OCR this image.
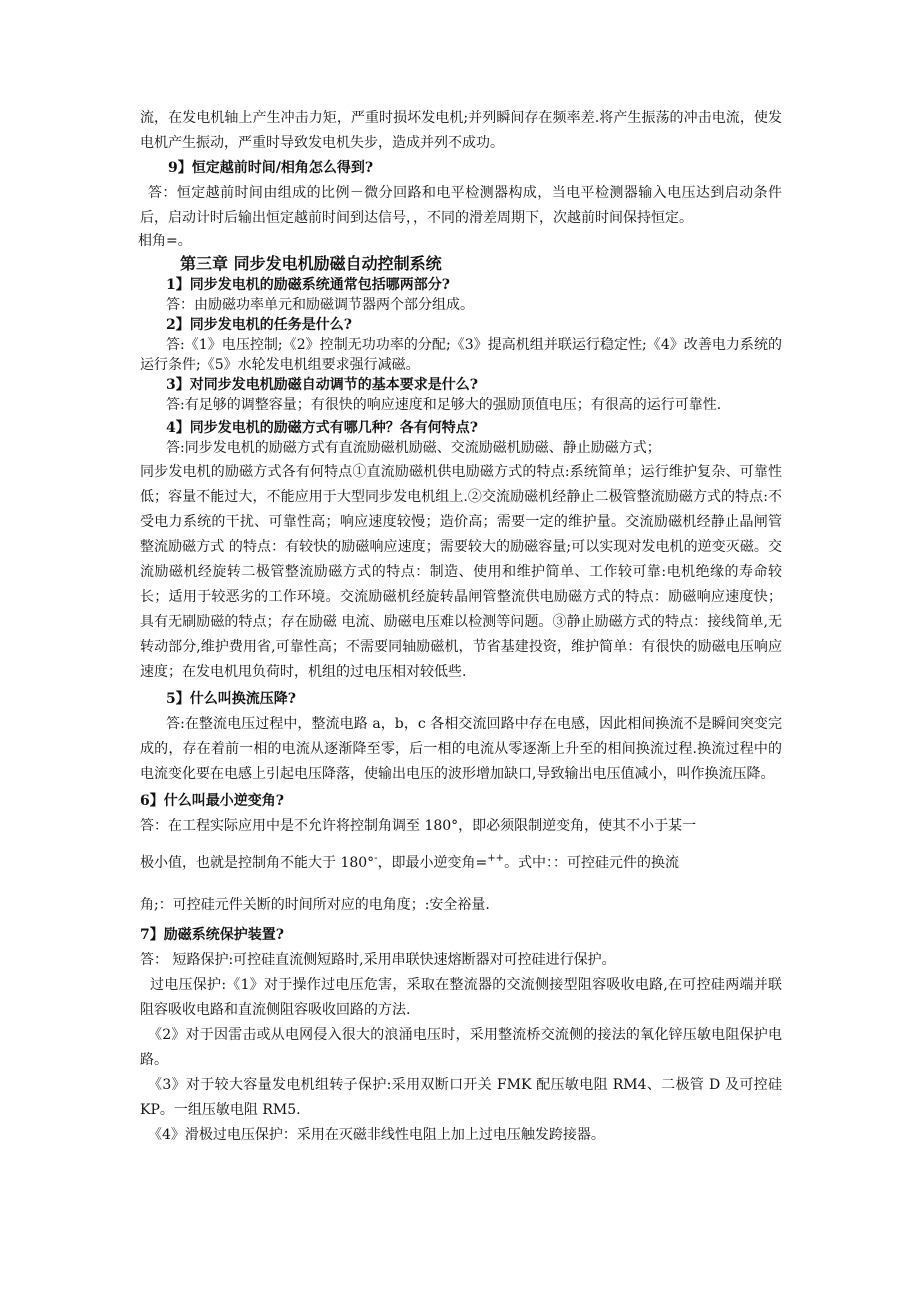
流，在发电机轴上产生冲击力矩，严重时损坏发电机;并列瞬间存在频率差.将产生振荡的冲击电流，使发电机产生振动，严重时导致发电机失步，造成并列不成功。

9】恒定越前时间/相角怎么得到?

答：恒定越前时间由组成的比例－微分回路和电平检测器构成，当电平检测器输入电压达到启动条件后，启动计时后输出恒定越前时间到达信号，，不同的滑差周期下，次越前时间保持恒定。

相角=。

第三章 同步发电机励磁自动控制系统

1】同步发电机的励磁系统通常包括哪两部分?

答：由励磁功率单元和励磁调节器两个部分组成。

2】同步发电机的任务是什么?

答:《1》电压控制;《2》控制无功功率的分配;《3》提高机组并联运行稳定性;《4》改善电力系统的运行条件;《5》水轮发电机组要求强行减磁。

3】对同步发电机励磁自动调节的基本要求是什么?

答:有足够的调整容量；有很快的响应速度和足够大的强励顶值电压；有很高的运行可靠性.

4】同步发电机的励磁方式有哪几种？各有何特点?

答:同步发电机的励磁方式有直流励磁机励磁、交流励磁机励磁、静止励磁方式；

同步发电机的励磁方式各有何特点①直流励磁机供电励磁方式的特点:系统简单；运行维护复杂、可靠性低；容量不能过大，不能应用于大型同步发电机组上.②交流励磁机经静止二极管整流励磁方式的特点:不受电力系统的干扰、可靠性高；响应速度较慢；造价高；需要一定的维护量。交流励磁机经静止晶闸管整流励磁方式 的特点：有较快的励磁响应速度；需要较大的励磁容量;可以实现对发电机的逆变灭磁。交流励磁机经旋转二极管整流励磁方式的特点：制造、使用和维护简单、工作较可靠:电机绝缘的寿命较长；适用于较恶劣的工作环境。交流励磁机经旋转晶闸管整流供电励磁方式的特点：励磁响应速度快；具有无刷励磁的特点；存在励磁 电流、励磁电压难以检测等问题。③静止励磁方式的特点：接线简单,无转动部分,维护费用省,可靠性高；不需要同轴励磁机，节省基建投资，维护简单：有很快的励磁电压响应速度；在发电机甩负荷时，机组的过电压相对较低些.

5】什么叫换流压降?

答:在整流电压过程中，整流电路 a，b，c 各相交流回路中存在电感，因此相间换流不是瞬间突变完成的，存在着前一相的电流从逐渐降至零，后一相的电流从零逐渐上升至的相间换流过程.换流过程中的电流变化要在电感上引起电压降落，使输出电压的波形增加缺口,导致输出电压值减小，叫作换流压降。

6】什么叫最小逆变角?

答：在工程实际应用中是不允许将控制角调至 180°，即必须限制逆变角，使其不小于某一

极小值，也就是控制角不能大于 180°-，即最小逆变角=++。式中：：可控硅元件的换流

角;：可控硅元件关断的时间所对应的电角度；:安全裕量.

7】励磁系统保护装置?

答： 短路保护:可控硅直流侧短路时,采用串联快速熔断器对可控硅进行保护。

过电压保护:《1》对于操作过电压危害，采取在整流器的交流侧接型阻容吸收电路,在可控硅两端并联阻容吸收电路和直流侧阻容吸收回路的方法.

《2》对于因雷击或从电网侵入很大的浪涌电压时，采用整流桥交流侧的接法的氧化锌压敏电阻保护电路。

《3》对于较大容量发电机组转子保护:采用双断口开关 FMK 配压敏电阻 RM4、二极管 D 及可控硅 KP。一组压敏电阻 RM5.

《4》滑极过电压保护：采用在灭磁非线性电阻上加上过电压触发跨接器。
